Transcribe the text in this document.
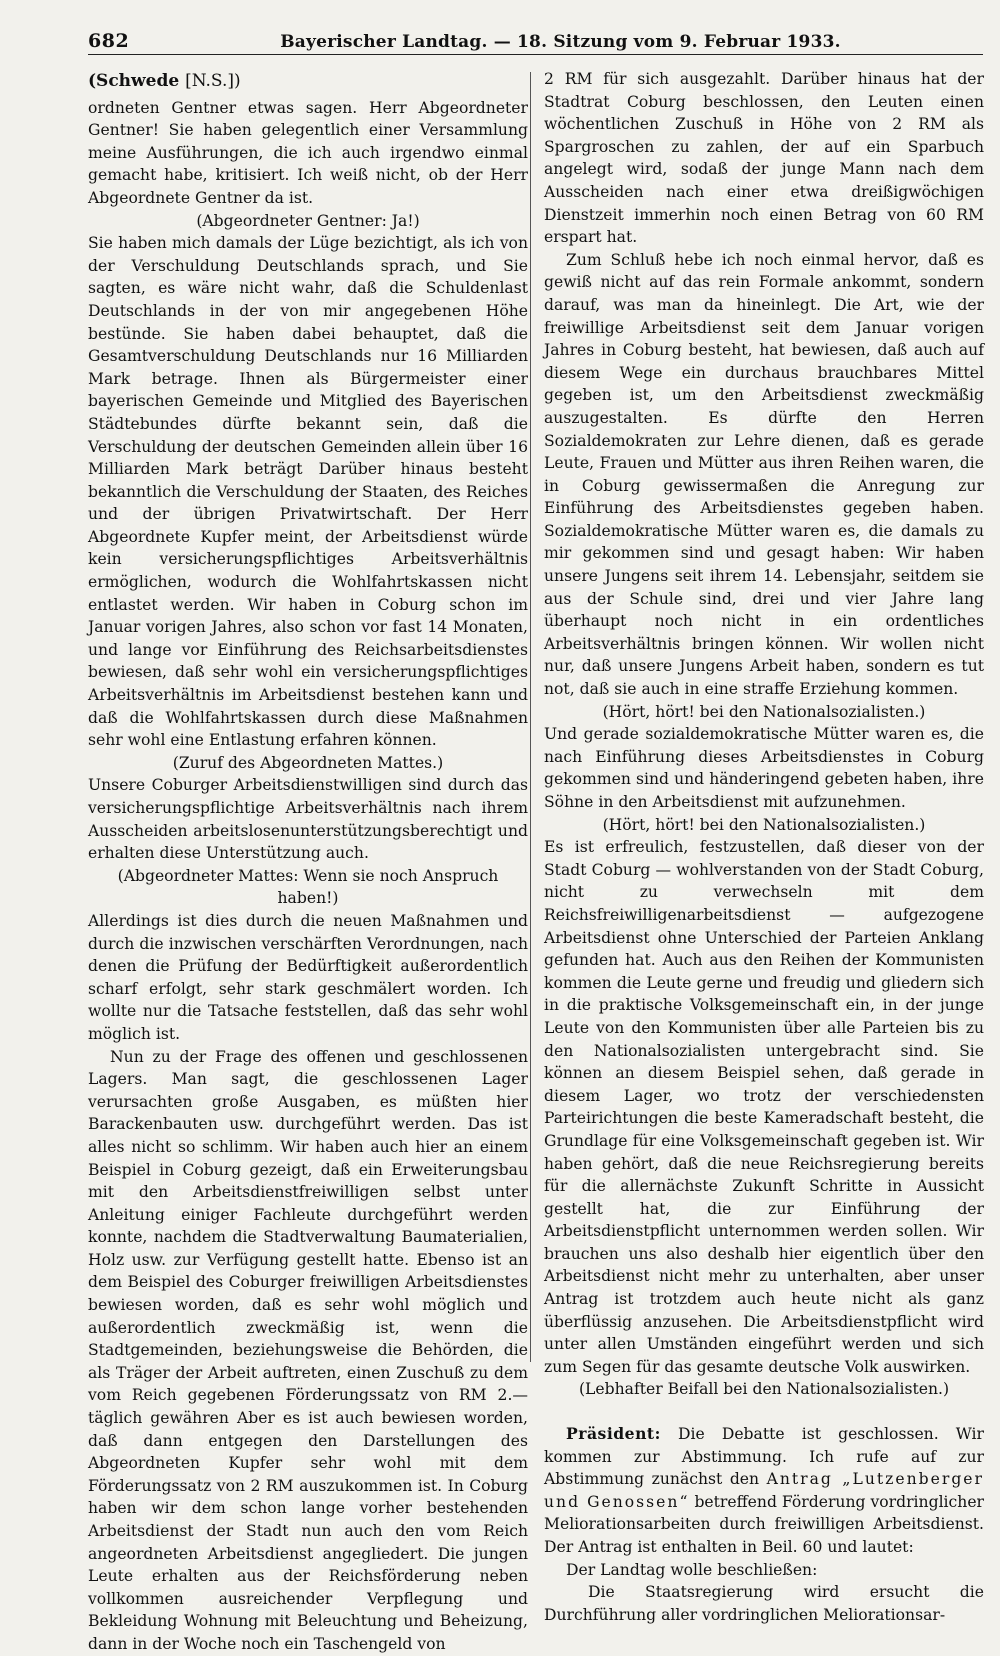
682	Bayerischer Landtag. — 18. Sitzung vom 9. Februar 1933.

(Schwede [N.S.])

ordneten Gentner etwas sagen. Herr Abgeordneter Gentner! Sie haben gelegentlich einer Versammlung meine Ausführungen, die ich auch irgendwo einmal gemacht habe, kritisiert. Ich weiß nicht, ob der Herr Abgeordnete Gentner da ist.

(Abgeordneter Gentner: Ja!)

Sie haben mich damals der Lüge bezichtigt, als ich von der Verschuldung Deutschlands sprach, und Sie sagten, es wäre nicht wahr, daß die Schuldenlast Deutschlands in der von mir angegebenen Höhe bestünde. Sie haben dabei behauptet, daß die Gesamtverschuldung Deutschlands nur 16 Milliarden Mark betrage. Ihnen als Bürgermeister einer bayerischen Gemeinde und Mitglied des Bayerischen Städtebundes dürfte bekannt sein, daß die Verschuldung der deutschen Gemeinden allein über 16 Milliarden Mark beträgt Darüber hinaus besteht bekanntlich die Verschuldung der Staaten, des Reiches und der übrigen Privatwirtschaft. Der Herr Abgeordnete Kupfer meint, der Arbeitsdienst würde kein versicherungspflichtiges Arbeitsverhältnis ermöglichen, wodurch die Wohlfahrtskassen nicht entlastet werden. Wir haben in Coburg schon im Januar vorigen Jahres, also schon vor fast 14 Monaten, und lange vor Einführung des Reichsarbeitsdienstes bewiesen, daß sehr wohl ein versicherungspflichtiges Arbeitsverhältnis im Arbeitsdienst bestehen kann und daß die Wohlfahrtskassen durch diese Maßnahmen sehr wohl eine Entlastung erfahren können.

(Zuruf des Abgeordneten Mattes.)

Unsere Coburger Arbeitsdienstwilligen sind durch das versicherungspflichtige Arbeitsverhältnis nach ihrem Ausscheiden arbeitslosenunterstützungsberechtigt und erhalten diese Unterstützung auch.

(Abgeordneter Mattes: Wenn sie noch Anspruch haben!)

Allerdings ist dies durch die neuen Maßnahmen und durch die inzwischen verschärften Verordnungen, nach denen die Prüfung der Bedürftigkeit außerordentlich scharf erfolgt, sehr stark geschmälert worden. Ich wollte nur die Tatsache feststellen, daß das sehr wohl möglich ist.

Nun zu der Frage des offenen und geschlossenen Lagers. Man sagt, die geschlossenen Lager verursachten große Ausgaben, es müßten hier Barackenbauten usw. durchgeführt werden. Das ist alles nicht so schlimm. Wir haben auch hier an einem Beispiel in Coburg gezeigt, daß ein Erweiterungsbau mit den Arbeitsdienstfreiwilligen selbst unter Anleitung einiger Fachleute durchgeführt werden konnte, nachdem die Stadtverwaltung Baumaterialien, Holz usw. zur Verfügung gestellt hatte. Ebenso ist an dem Beispiel des Coburger freiwilligen Arbeitsdienstes bewiesen worden, daß es sehr wohl möglich und außerordentlich zweckmäßig ist, wenn die Stadtgemeinden, beziehungsweise die Behörden, die als Träger der Arbeit auftreten, einen Zuschuß zu dem vom Reich gegebenen Förderungssatz von RM 2.— täglich gewähren Aber es ist auch bewiesen worden, daß dann entgegen den Darstellungen des Abgeordneten Kupfer sehr wohl mit dem Förderungssatz von 2 RM auszukommen ist. In Coburg haben wir dem schon lange vorher bestehenden Arbeitsdienst der Stadt nun auch den vom Reich angeordneten Arbeitsdienst angegliedert. Die jungen Leute erhalten aus der Reichsförderung neben vollkommen ausreichender Verpflegung und Bekleidung Wohnung mit Beleuchtung und Beheizung, dann in der Woche noch ein Taschengeld von

2 RM für sich ausgezahlt. Darüber hinaus hat der Stadtrat Coburg beschlossen, den Leuten einen wöchentlichen Zuschuß in Höhe von 2 RM als Spargroschen zu zahlen, der auf ein Sparbuch angelegt wird, sodaß der junge Mann nach dem Ausscheiden nach einer etwa dreißigwöchigen Dienstzeit immerhin noch einen Betrag von 60 RM erspart hat.

Zum Schluß hebe ich noch einmal hervor, daß es gewiß nicht auf das rein Formale ankommt, sondern darauf, was man da hineinlegt. Die Art, wie der freiwillige Arbeitsdienst seit dem Januar vorigen Jahres in Coburg besteht, hat bewiesen, daß auch auf diesem Wege ein durchaus brauchbares Mittel gegeben ist, um den Arbeitsdienst zweckmäßig auszugestalten. Es dürfte den Herren Sozialdemokraten zur Lehre dienen, daß es gerade Leute, Frauen und Mütter aus ihren Reihen waren, die in Coburg gewissermaßen die Anregung zur Einführung des Arbeitsdienstes gegeben haben. Sozialdemokratische Mütter waren es, die damals zu mir gekommen sind und gesagt haben: Wir haben unsere Jungens seit ihrem 14. Lebensjahr, seitdem sie aus der Schule sind, drei und vier Jahre lang überhaupt noch nicht in ein ordentliches Arbeitsverhältnis bringen können. Wir wollen nicht nur, daß unsere Jungens Arbeit haben, sondern es tut not, daß sie auch in eine straffe Erziehung kommen.

(Hört, hört! bei den Nationalsozialisten.)

Und gerade sozialdemokratische Mütter waren es, die nach Einführung dieses Arbeitsdienstes in Coburg gekommen sind und händeringend gebeten haben, ihre Söhne in den Arbeitsdienst mit aufzunehmen.

(Hört, hört! bei den Nationalsozialisten.)

Es ist erfreulich, festzustellen, daß dieser von der Stadt Coburg — wohlverstanden von der Stadt Coburg, nicht zu verwechseln mit dem Reichsfreiwilligenarbeitsdienst — aufgezogene Arbeitsdienst ohne Unterschied der Parteien Anklang gefunden hat. Auch aus den Reihen der Kommunisten kommen die Leute gerne und freudig und gliedern sich in die praktische Volksgemeinschaft ein, in der junge Leute von den Kommunisten über alle Parteien bis zu den Nationalsozialisten untergebracht sind. Sie können an diesem Beispiel sehen, daß gerade in diesem Lager, wo trotz der verschiedensten Parteirichtungen die beste Kameradschaft besteht, die Grundlage für eine Volksgemeinschaft gegeben ist. Wir haben gehört, daß die neue Reichsregierung bereits für die allernächste Zukunft Schritte in Aussicht gestellt hat, die zur Einführung der Arbeitsdienstpflicht unternommen werden sollen. Wir brauchen uns also deshalb hier eigentlich über den Arbeitsdienst nicht mehr zu unterhalten, aber unser Antrag ist trotzdem auch heute nicht als ganz überflüssig anzusehen. Die Arbeitsdienstpflicht wird unter allen Umständen eingeführt werden und sich zum Segen für das gesamte deutsche Volk auswirken.

(Lebhafter Beifall bei den Nationalsozialisten.)

Präsident: Die Debatte ist geschlossen. Wir kommen zur Abstimmung. Ich rufe auf zur Abstimmung zunächst den Antrag „Lutzenberger und Genossen“ betreffend Förderung vordringlicher Meliorationsarbeiten durch freiwilligen Arbeitsdienst. Der Antrag ist enthalten in Beil. 60 und lautet:

Der Landtag wolle beschließen:

Die Staatsregierung wird ersucht die Durchführung aller vordringlichen Meliorationsar-
